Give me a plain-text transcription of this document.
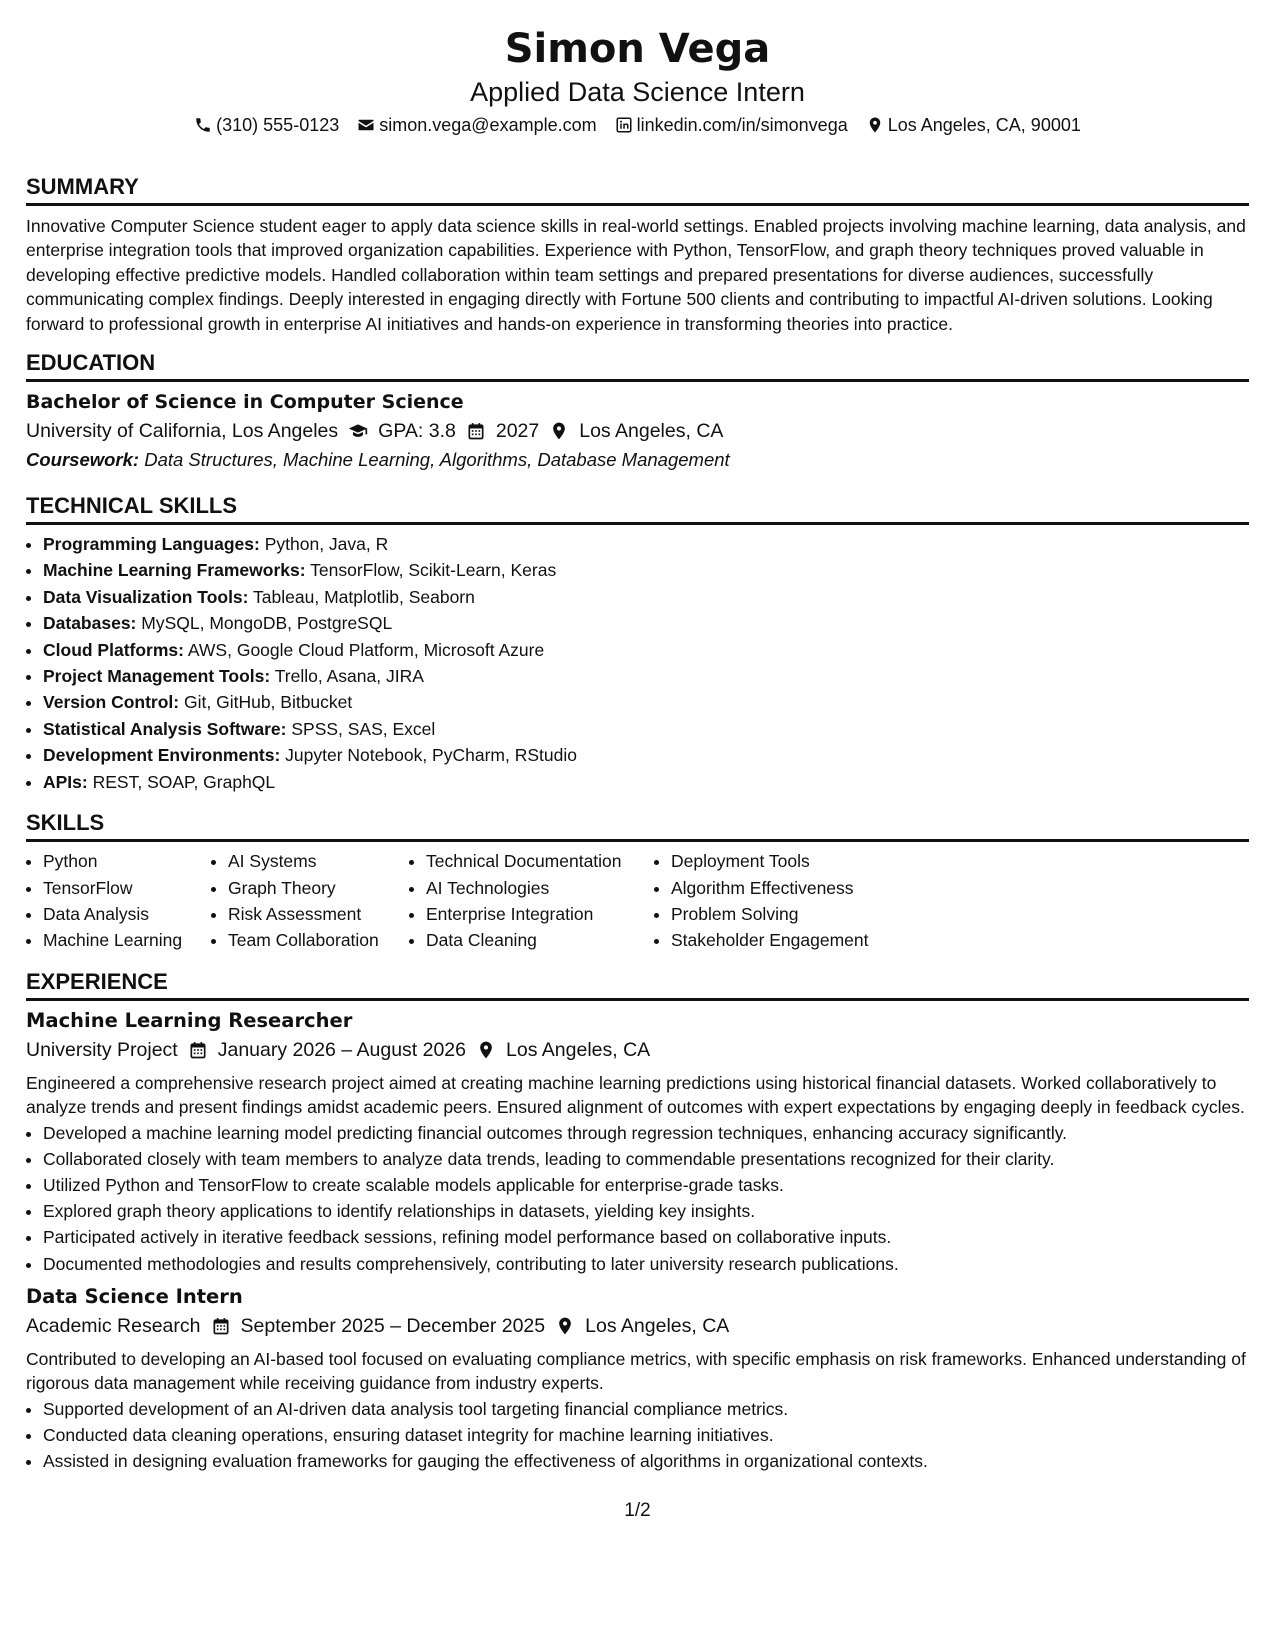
Simon Vega
Applied Data Science Intern
(310) 555-0123 simon.vega@example.com linkedin.com/in/simonvega Los Angeles, CA, 90001
SUMMARY
Innovative Computer Science student eager to apply data science skills in real-world settings. Enabled projects involving machine learning, data analysis, and enterprise integration tools that improved organization capabilities. Experience with Python, TensorFlow, and graph theory techniques proved valuable in developing effective predictive models. Handled collaboration within team settings and prepared presentations for diverse audiences, successfully communicating complex findings. Deeply interested in engaging directly with Fortune 500 clients and contributing to impactful AI-driven solutions. Looking forward to professional growth in enterprise AI initiatives and hands-on experience in transforming theories into practice.
EDUCATION
Bachelor of Science in Computer Science
University of California, Los Angeles GPA: 3.8 2027 Los Angeles, CA
Coursework: Data Structures, Machine Learning, Algorithms, Database Management
TECHNICAL SKILLS
• Programming Languages: Python, Java, R
• Machine Learning Frameworks: TensorFlow, Scikit-Learn, Keras
• Data Visualization Tools: Tableau, Matplotlib, Seaborn
• Databases: MySQL, MongoDB, PostgreSQL
• Cloud Platforms: AWS, Google Cloud Platform, Microsoft Azure
• Project Management Tools: Trello, Asana, JIRA
• Version Control: Git, GitHub, Bitbucket
• Statistical Analysis Software: SPSS, SAS, Excel
• Development Environments: Jupyter Notebook, PyCharm, RStudio
• APIs: REST, SOAP, GraphQL
SKILLS
• Python
• TensorFlow
• Data Analysis
• Machine Learning
• AI Systems
• Graph Theory
• Risk Assessment
• Team Collaboration
• Technical Documentation
• AI Technologies
• Enterprise Integration
• Data Cleaning
• Deployment Tools
• Algorithm Effectiveness
• Problem Solving
• Stakeholder Engagement
EXPERIENCE
Machine Learning Researcher
University Project January 2026 – August 2026 Los Angeles, CA
Engineered a comprehensive research project aimed at creating machine learning predictions using historical financial datasets. Worked collaboratively to analyze trends and present findings amidst academic peers. Ensured alignment of outcomes with expert expectations by engaging deeply in feedback cycles.
• Developed a machine learning model predicting financial outcomes through regression techniques, enhancing accuracy significantly.
• Collaborated closely with team members to analyze data trends, leading to commendable presentations recognized for their clarity.
• Utilized Python and TensorFlow to create scalable models applicable for enterprise-grade tasks.
• Explored graph theory applications to identify relationships in datasets, yielding key insights.
• Participated actively in iterative feedback sessions, refining model performance based on collaborative inputs.
• Documented methodologies and results comprehensively, contributing to later university research publications.
Data Science Intern
Academic Research September 2025 – December 2025 Los Angeles, CA
Contributed to developing an AI-based tool focused on evaluating compliance metrics, with specific emphasis on risk frameworks. Enhanced understanding of rigorous data management while receiving guidance from industry experts.
• Supported development of an AI-driven data analysis tool targeting financial compliance metrics.
• Conducted data cleaning operations, ensuring dataset integrity for machine learning initiatives.
• Assisted in designing evaluation frameworks for gauging the effectiveness of algorithms in organizational contexts.
1/2
